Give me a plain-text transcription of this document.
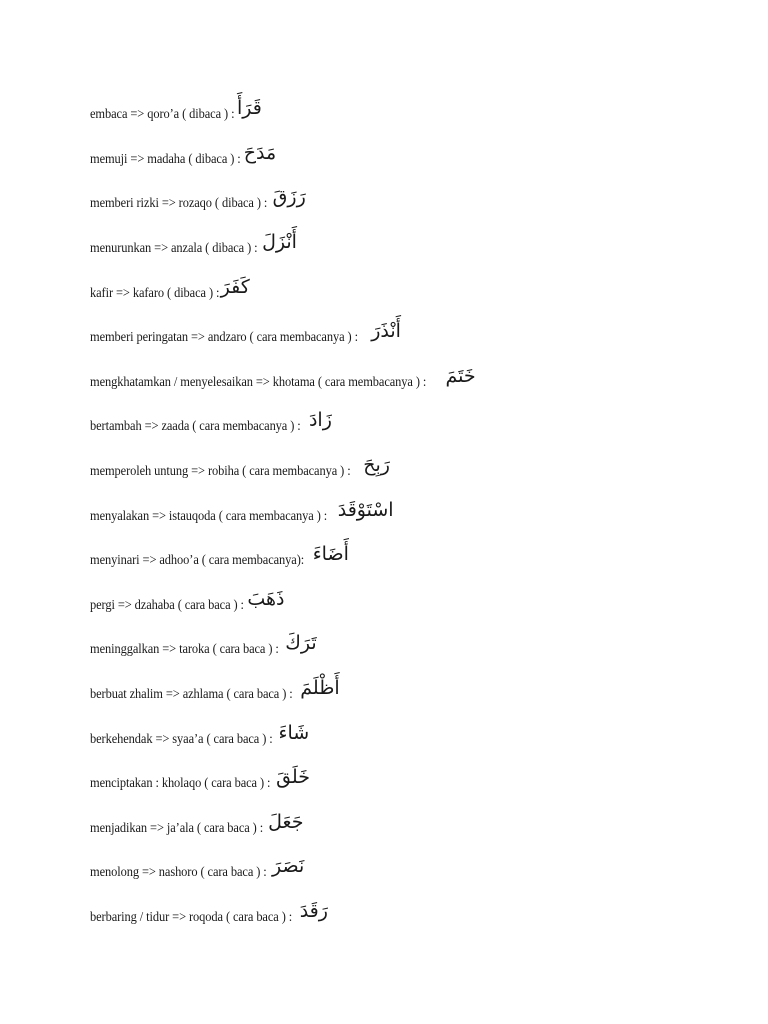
embaca => qoro’a ( dibaca ) : قَرَأَ
memuji => madaha ( dibaca ) : مَدَحَ
memberi rizki => rozaqo ( dibaca ) : رَزَقَ
menurunkan => anzala ( dibaca ) : أَنْزَلَ
kafir => kafaro ( dibaca ) : كَفَرَ
memberi peringatan => andzaro ( cara membacanya ) : أَنْذَرَ
mengkhatamkan / menyelesaikan => khotama ( cara membacanya ) : خَتَمَ
bertambah => zaada ( cara membacanya ) : زَادَ
memperoleh untung => robiha ( cara membacanya ) : رَبِحَ
menyalakan => istauqoda ( cara membacanya ) : اسْتَوْقَدَ
menyinari => adhoo’a ( cara membacanya): أَضَاءَ
pergi => dzahaba ( cara baca ) : ذَهَبَ
meninggalkan => taroka ( cara baca ) : تَرَكَ
berbuat zhalim => azhlama ( cara baca ) : أَظْلَمَ
berkehendak => syaa’a ( cara baca ) : شَاءَ
menciptakan : kholaqo ( cara baca ) : خَلَقَ
menjadikan => ja’ala ( cara baca ) : جَعَلَ
menolong => nashoro ( cara baca ) : نَصَرَ
berbaring / tidur => roqoda ( cara baca ) : رَقَدَ
